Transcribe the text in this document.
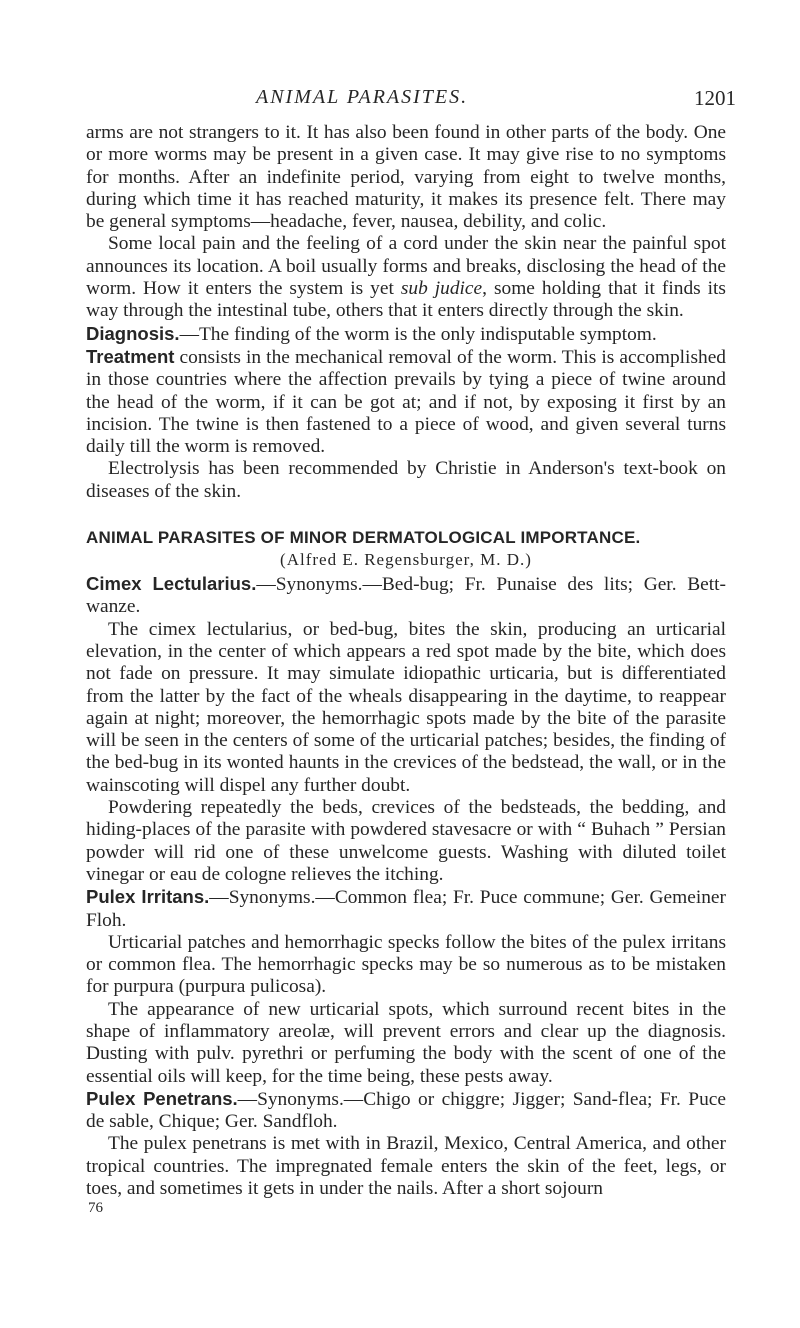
ANIMAL PARASITES.	1201

arms are not strangers to it. It has also been found in other parts of the body. One or more worms may be present in a given case. It may give rise to no symptoms for months. After an indefinite period, varying from eight to twelve months, during which time it has reached maturity, it makes its presence felt. There may be general symptoms—headache, fever, nausea, debility, and colic.

Some local pain and the feeling of a cord under the skin near the painful spot announces its location. A boil usually forms and breaks, disclosing the head of the worm. How it enters the system is yet sub judice, some holding that it finds its way through the intestinal tube, others that it enters directly through the skin.

Diagnosis.—The finding of the worm is the only indisputable symptom.

Treatment consists in the mechanical removal of the worm. This is accomplished in those countries where the affection prevails by tying a piece of twine around the head of the worm, if it can be got at; and if not, by exposing it first by an incision. The twine is then fastened to a piece of wood, and given several turns daily till the worm is removed.

Electrolysis has been recommended by Christie in Anderson's text-book on diseases of the skin.

ANIMAL PARASITES OF MINOR DERMATOLOGICAL IMPORTANCE.
(Alfred E. Regensburger, M. D.)

Cimex Lectularius.—Synonyms.—Bed-bug; Fr. Punaise des lits; Ger. Bett-wanze.

The cimex lectularius, or bed-bug, bites the skin, producing an urticarial elevation, in the center of which appears a red spot made by the bite, which does not fade on pressure. It may simulate idiopathic urticaria, but is differentiated from the latter by the fact of the wheals disappearing in the daytime, to reappear again at night; moreover, the hemorrhagic spots made by the bite of the parasite will be seen in the centers of some of the urticarial patches; besides, the finding of the bed-bug in its wonted haunts in the crevices of the bedstead, the wall, or in the wainscoting will dispel any further doubt.

Powdering repeatedly the beds, crevices of the bedsteads, the bedding, and hiding-places of the parasite with powdered stavesacre or with “ Buhach ” Persian powder will rid one of these unwelcome guests. Washing with diluted toilet vinegar or eau de cologne relieves the itching.

Pulex Irritans.—Synonyms.—Common flea; Fr. Puce commune; Ger. Gemeiner Floh.

Urticarial patches and hemorrhagic specks follow the bites of the pulex irritans or common flea. The hemorrhagic specks may be so numerous as to be mistaken for purpura (purpura pulicosa).

The appearance of new urticarial spots, which surround recent bites in the shape of inflammatory areolæ, will prevent errors and clear up the diagnosis. Dusting with pulv. pyrethri or perfuming the body with the scent of one of the essential oils will keep, for the time being, these pests away.

Pulex Penetrans.—Synonyms.—Chigo or chiggre; Jigger; Sand-flea; Fr. Puce de sable, Chique; Ger. Sandfloh.

The pulex penetrans is met with in Brazil, Mexico, Central America, and other tropical countries. The impregnated female enters the skin of the feet, legs, or toes, and sometimes it gets in under the nails. After a short sojourn

76
